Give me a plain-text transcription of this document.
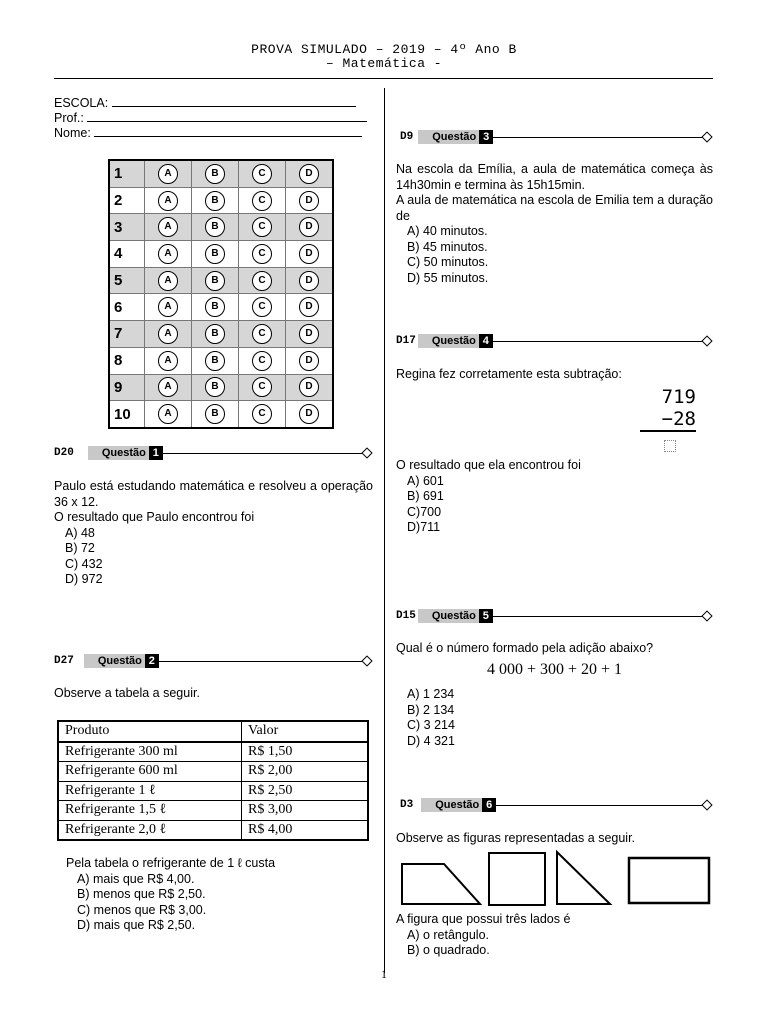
PROVA SIMULADO – 2019 – 4º Ano B
– Matemática -
ESCOLA:
Prof.:
Nome:
1	A	B	C	D
2	A	B	C	D
3	A	B	C	D
4	A	B	C	D
5	A	B	C	D
6	A	B	C	D
7	A	B	C	D
8	A	B	C	D
9	A	B	C	D
10	A	B	C	D
D20	Questão 1
Paulo está estudando matemática e resolveu a operação 36 x 12.
O resultado que Paulo encontrou foi
A) 48
B) 72
C) 432
D) 972
D27	Questão 2
Observe a tabela a seguir.
Produto	Valor
Refrigerante 300 ml	R$ 1,50
Refrigerante 600 ml	R$ 2,00
Refrigerante 1 ℓ	R$ 2,50
Refrigerante 1,5 ℓ	R$ 3,00
Refrigerante 2,0 ℓ	R$ 4,00
Pela tabela o refrigerante de 1 ℓ custa
A) mais que R$ 4,00.
B) menos que R$ 2,50.
C) menos que R$ 3,00.
D) mais que R$ 2,50.
D9	Questão 3
Na escola da Emília, a aula de matemática começa às 14h30min e termina às 15h15min.
A aula de matemática na escola de Emilia tem a duração de
A) 40 minutos.
B) 45 minutos.
C) 50 minutos.
D) 55 minutos.
D17	Questão 4
Regina fez corretamente esta subtração:
719
−28
O resultado que ela encontrou foi
A) 601
B) 691
C)700
D)711
D15	Questão 5
Qual é o número formado pela adição abaixo?
4 000 + 300 + 20 + 1
A) 1 234
B) 2 134
C) 3 214
D) 4 321
D3	Questão 6
Observe as figuras representadas a seguir.
A figura que possui três lados é
A) o retângulo.
B) o quadrado.
1
